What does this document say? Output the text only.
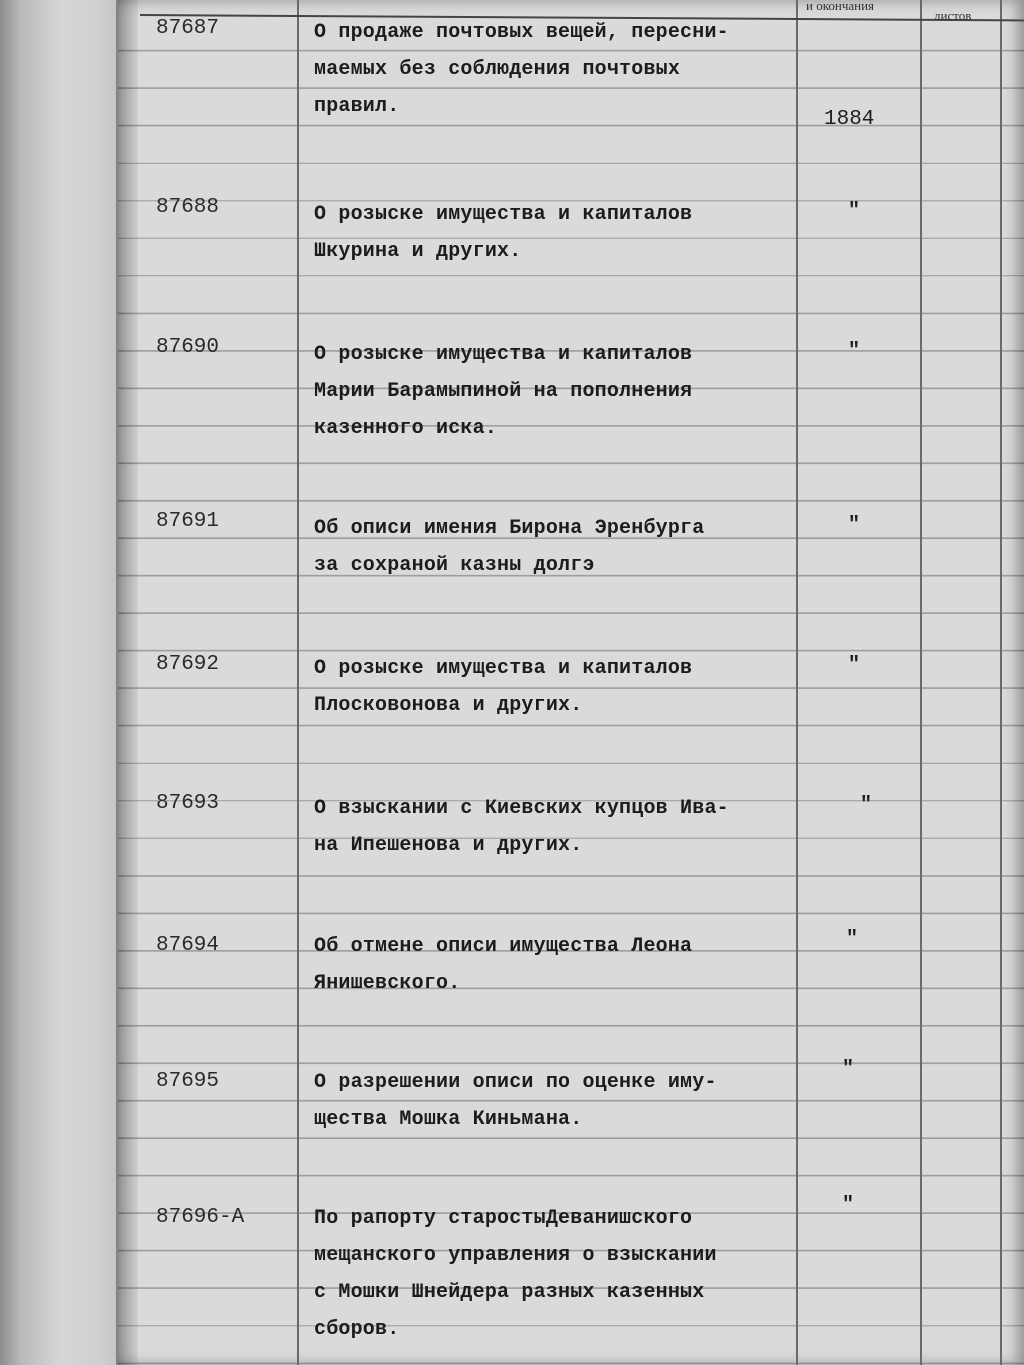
и окончания
листов
87687	О продаже почтовых вещей, пересни-
маемых без соблюдения почтовых
правил.
1884
87688	О розыске имущества и капиталов
Шкурина и других.
"
87690	О розыске имущества и капиталов
Марии Барамыпиной на пополнения
казенного иска.
"
87691	Об описи имения Бирона Эренбурга
за сохраной казны долгэ
"
87692	О розыске имущества и капиталов
Плосковонова и других.
"
87693	О взыскании с Киевских купцов Ива-
на Ипешенова и других.
"
87694	Об отмене описи имущества Леона
Янишевского.
"
87695	О разрешении описи по оценке иму-
щества Мошка Киньмана.
"
87696-А	По рапорту старостыДеванишского
мещанского управления о взыскании
с Мошки Шнейдера разных казенных
сборов.
"
